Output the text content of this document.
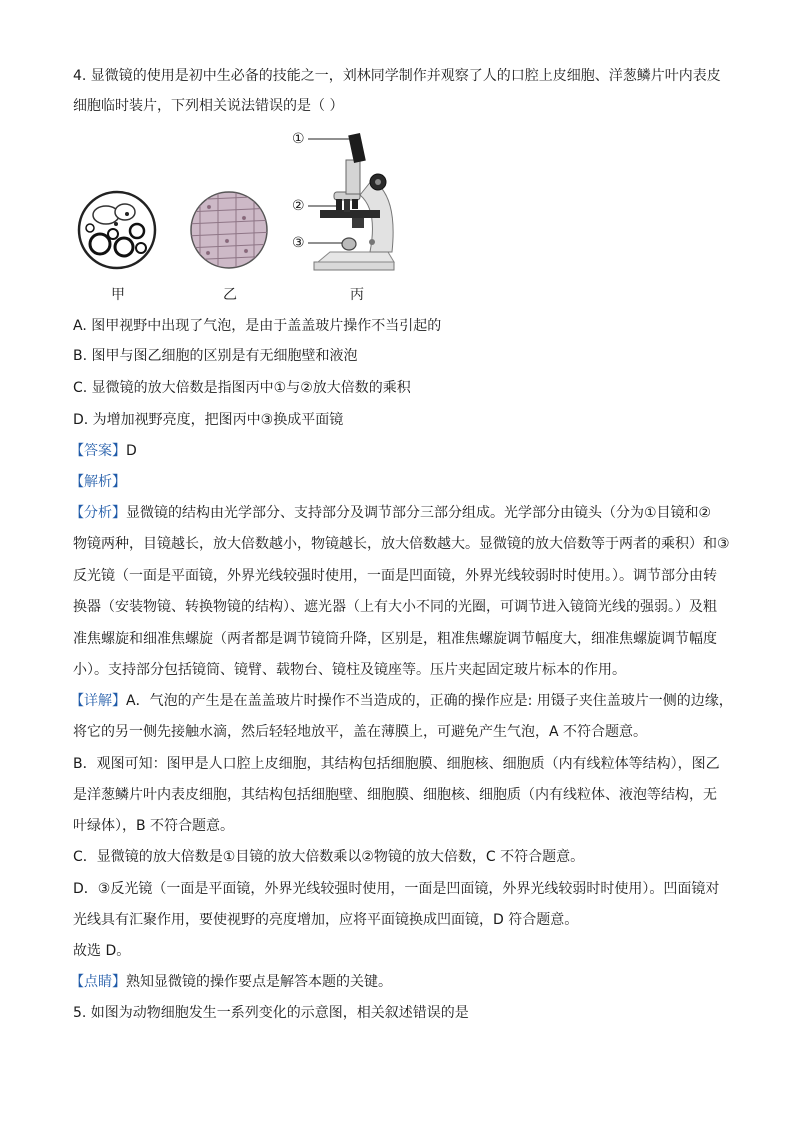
4. 显微镜的使用是初中生必备的技能之一，刘林同学制作并观察了人的口腔上皮细胞、洋葱鳞片叶内表皮
细胞临时装片，下列相关说法错误的是（ ）
①
②
③
甲	乙	丙
A. 图甲视野中出现了气泡，是由于盖盖玻片操作不当引起的
B. 图甲与图乙细胞的区别是有无细胞壁和液泡
C. 显微镜的放大倍数是指图丙中①与②放大倍数的乘积
D. 为增加视野亮度，把图丙中③换成平面镜
【答案】D
【解析】
【分析】显微镜的结构由光学部分、支持部分及调节部分三部分组成。光学部分由镜头（分为①目镜和②
物镜两种，目镜越长，放大倍数越小，物镜越长，放大倍数越大。显微镜的放大倍数等于两者的乘积）和③
反光镜（一面是平面镜，外界光线较强时使用，一面是凹面镜，外界光线较弱时时使用。）。调节部分由转
换器（安装物镜、转换物镜的结构）、遮光器（上有大小不同的光圈，可调节进入镜筒光线的强弱。）及粗
准焦螺旋和细准焦螺旋（两者都是调节镜筒升降，区别是，粗准焦螺旋调节幅度大，细准焦螺旋调节幅度
小）。支持部分包括镜筒、镜臂、载物台、镜柱及镜座等。压片夹起固定玻片标本的作用。
【详解】A．气泡的产生是在盖盖玻片时操作不当造成的，正确的操作应是: 用镊子夹住盖玻片一侧的边缘，
将它的另一侧先接触水滴，然后轻轻地放平，盖在薄膜上，可避免产生气泡，A 不符合题意。
B．观图可知：图甲是人口腔上皮细胞，其结构包括细胞膜、细胞核、细胞质（内有线粒体等结构），图乙
是洋葱鳞片叶内表皮细胞，其结构包括细胞壁、细胞膜、细胞核、细胞质（内有线粒体、液泡等结构，无
叶绿体），B 不符合题意。
C．显微镜的放大倍数是①目镜的放大倍数乘以②物镜的放大倍数，C 不符合题意。
D．③反光镜（一面是平面镜，外界光线较强时使用，一面是凹面镜，外界光线较弱时时使用）。凹面镜对
光线具有汇聚作用，要使视野的亮度增加，应将平面镜换成凹面镜，D 符合题意。
故选 D。
【点睛】熟知显微镜的操作要点是解答本题的关键。
5. 如图为动物细胞发生一系列变化的示意图，相关叙述错误的是
